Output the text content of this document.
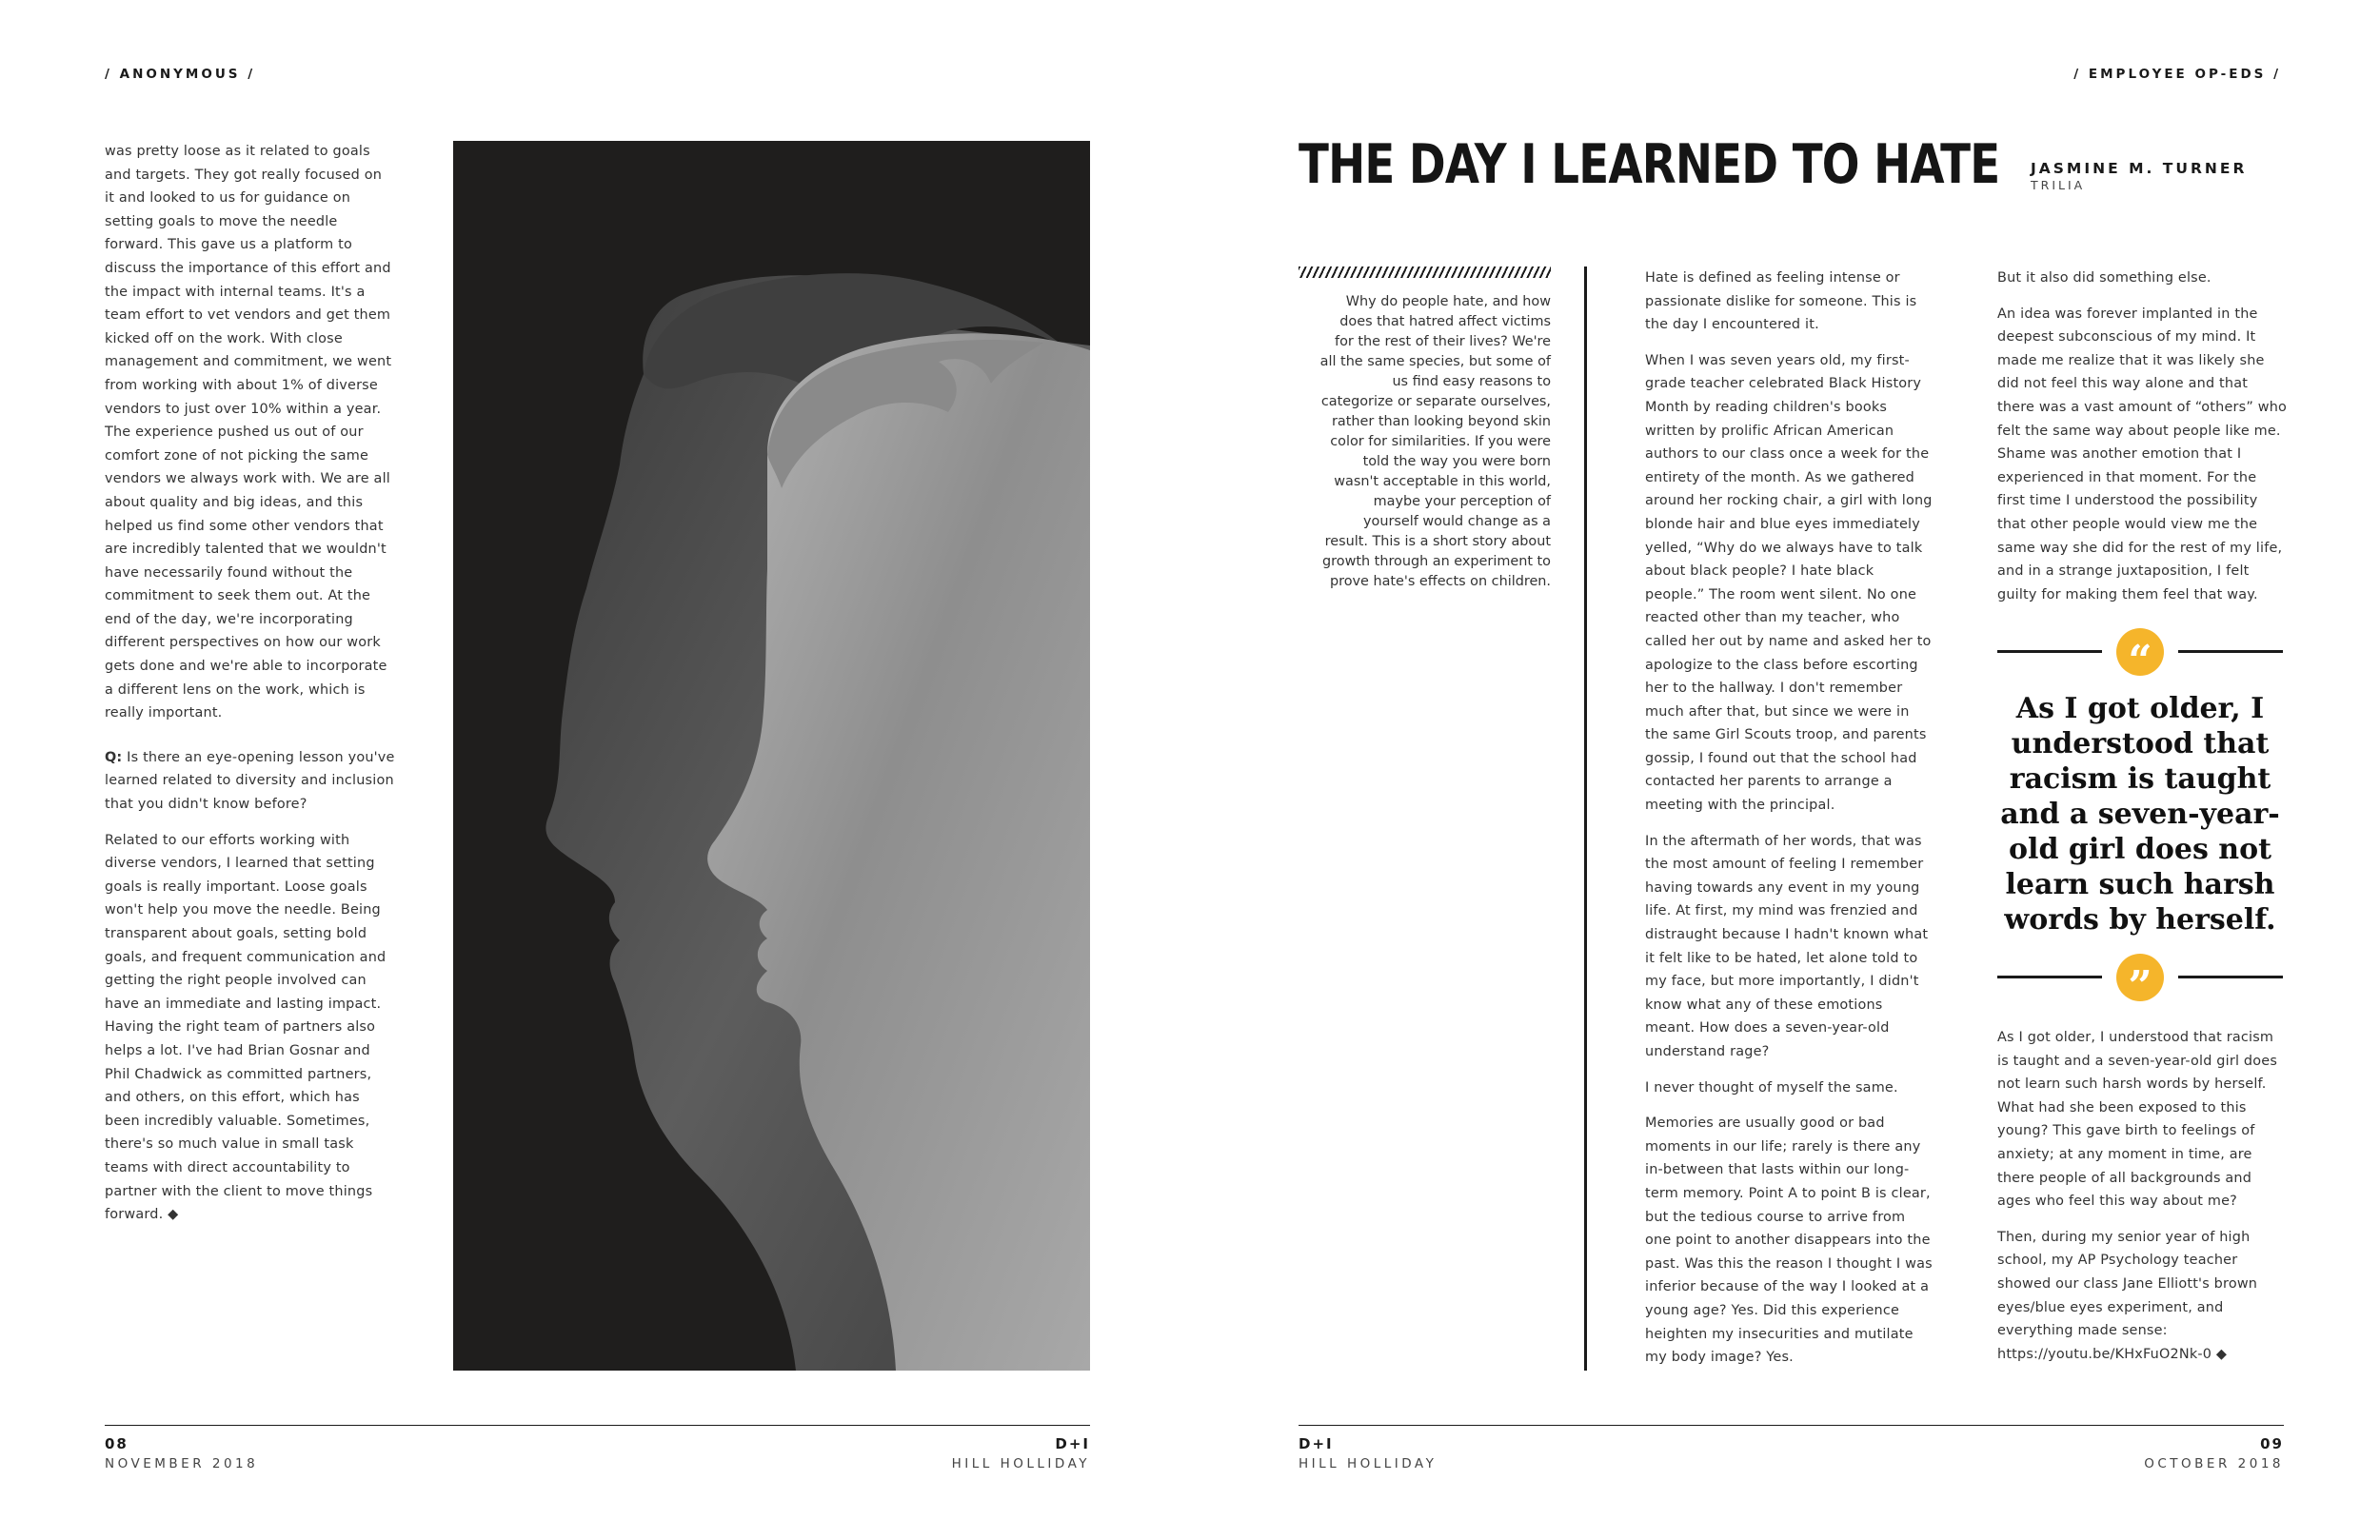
/ ANONYMOUS /

was pretty loose as it related to goals and targets. They got really focused on it and looked to us for guidance on setting goals to move the needle forward. This gave us a platform to discuss the importance of this effort and the impact with internal teams. It's a team effort to vet vendors and get them kicked off on the work. With close management and commitment, we went from working with about 1% of diverse vendors to just over 10% within a year. The experience pushed us out of our comfort zone of not picking the same vendors we always work with. We are all about quality and big ideas, and this helped us find some other vendors that are incredibly talented that we wouldn't have necessarily found without the commitment to seek them out. At the end of the day, we're incorporating different perspectives on how our work gets done and we're able to incorporate a different lens on the work, which is really important.

Q: Is there an eye-opening lesson you've learned related to diversity and inclusion that you didn't know before?

Related to our efforts working with diverse vendors, I learned that setting goals is really important. Loose goals won't help you move the needle. Being transparent about goals, setting bold goals, and frequent communication and getting the right people involved can have an immediate and lasting impact. Having the right team of partners also helps a lot. I've had Brian Gosnar and Phil Chadwick as committed partners, and others, on this effort, which has been incredibly valuable. Sometimes, there's so much value in small task teams with direct accountability to partner with the client to move things forward. ◆

08
NOVEMBER 2018
D+I
HILL HOLLIDAY
/ EMPLOYEE OP-EDS /
THE DAY I LEARNED TO HATE JASMINE M. TURNER
TRILIA
Why do people hate, and how does that hatred affect victims for the rest of their lives? We're all the same species, but some of us find easy reasons to categorize or separate ourselves, rather than looking beyond skin color for similarities. If you were told the way you were born wasn't acceptable in this world, maybe your perception of yourself would change as a result. This is a short story about growth through an experiment to prove hate's effects on children.

Hate is defined as feeling intense or passionate dislike for someone. This is the day I encountered it.

When I was seven years old, my first-grade teacher celebrated Black History Month by reading children's books written by prolific African American authors to our class once a week for the entirety of the month. As we gathered around her rocking chair, a girl with long blonde hair and blue eyes immediately yelled, “Why do we always have to talk about black people? I hate black people.” The room went silent. No one reacted other than my teacher, who called her out by name and asked her to apologize to the class before escorting her to the hallway. I don't remember much after that, but since we were in the same Girl Scouts troop, and parents gossip, I found out that the school had contacted her parents to arrange a meeting with the principal.

In the aftermath of her words, that was the most amount of feeling I remember having towards any event in my young life. At first, my mind was frenzied and distraught because I hadn't known what it felt like to be hated, let alone told to my face, but more importantly, I didn't know what any of these emotions meant. How does a seven-year-old understand rage?

I never thought of myself the same.

Memories are usually good or bad moments in our life; rarely is there any in-between that lasts within our long-term memory. Point A to point B is clear, but the tedious course to arrive from one point to another disappears into the past. Was this the reason I thought I was inferior because of the way I looked at a young age? Yes. Did this experience heighten my insecurities and mutilate my body image? Yes.

But it also did something else.

An idea was forever implanted in the deepest subconscious of my mind. It made me realize that it was likely she did not feel this way alone and that there was a vast amount of “others” who felt the same way about people like me. Shame was another emotion that I experienced in that moment. For the first time I understood the possibility that other people would view me the same way she did for the rest of my life, and in a strange juxtaposition, I felt guilty for making them feel that way.

“
As I got older, I understood that racism is taught and a seven-year-old girl does not learn such harsh words by herself.
”

As I got older, I understood that racism is taught and a seven-year-old girl does not learn such harsh words by herself. What had she been exposed to this young? This gave birth to feelings of anxiety; at any moment in time, are there people of all backgrounds and ages who feel this way about me?

Then, during my senior year of high school, my AP Psychology teacher showed our class Jane Elliott's brown eyes/blue eyes experiment, and everything made sense: https://youtu.be/KHxFuO2Nk-0 ◆

D+I
HILL HOLLIDAY
09
OCTOBER 2018
